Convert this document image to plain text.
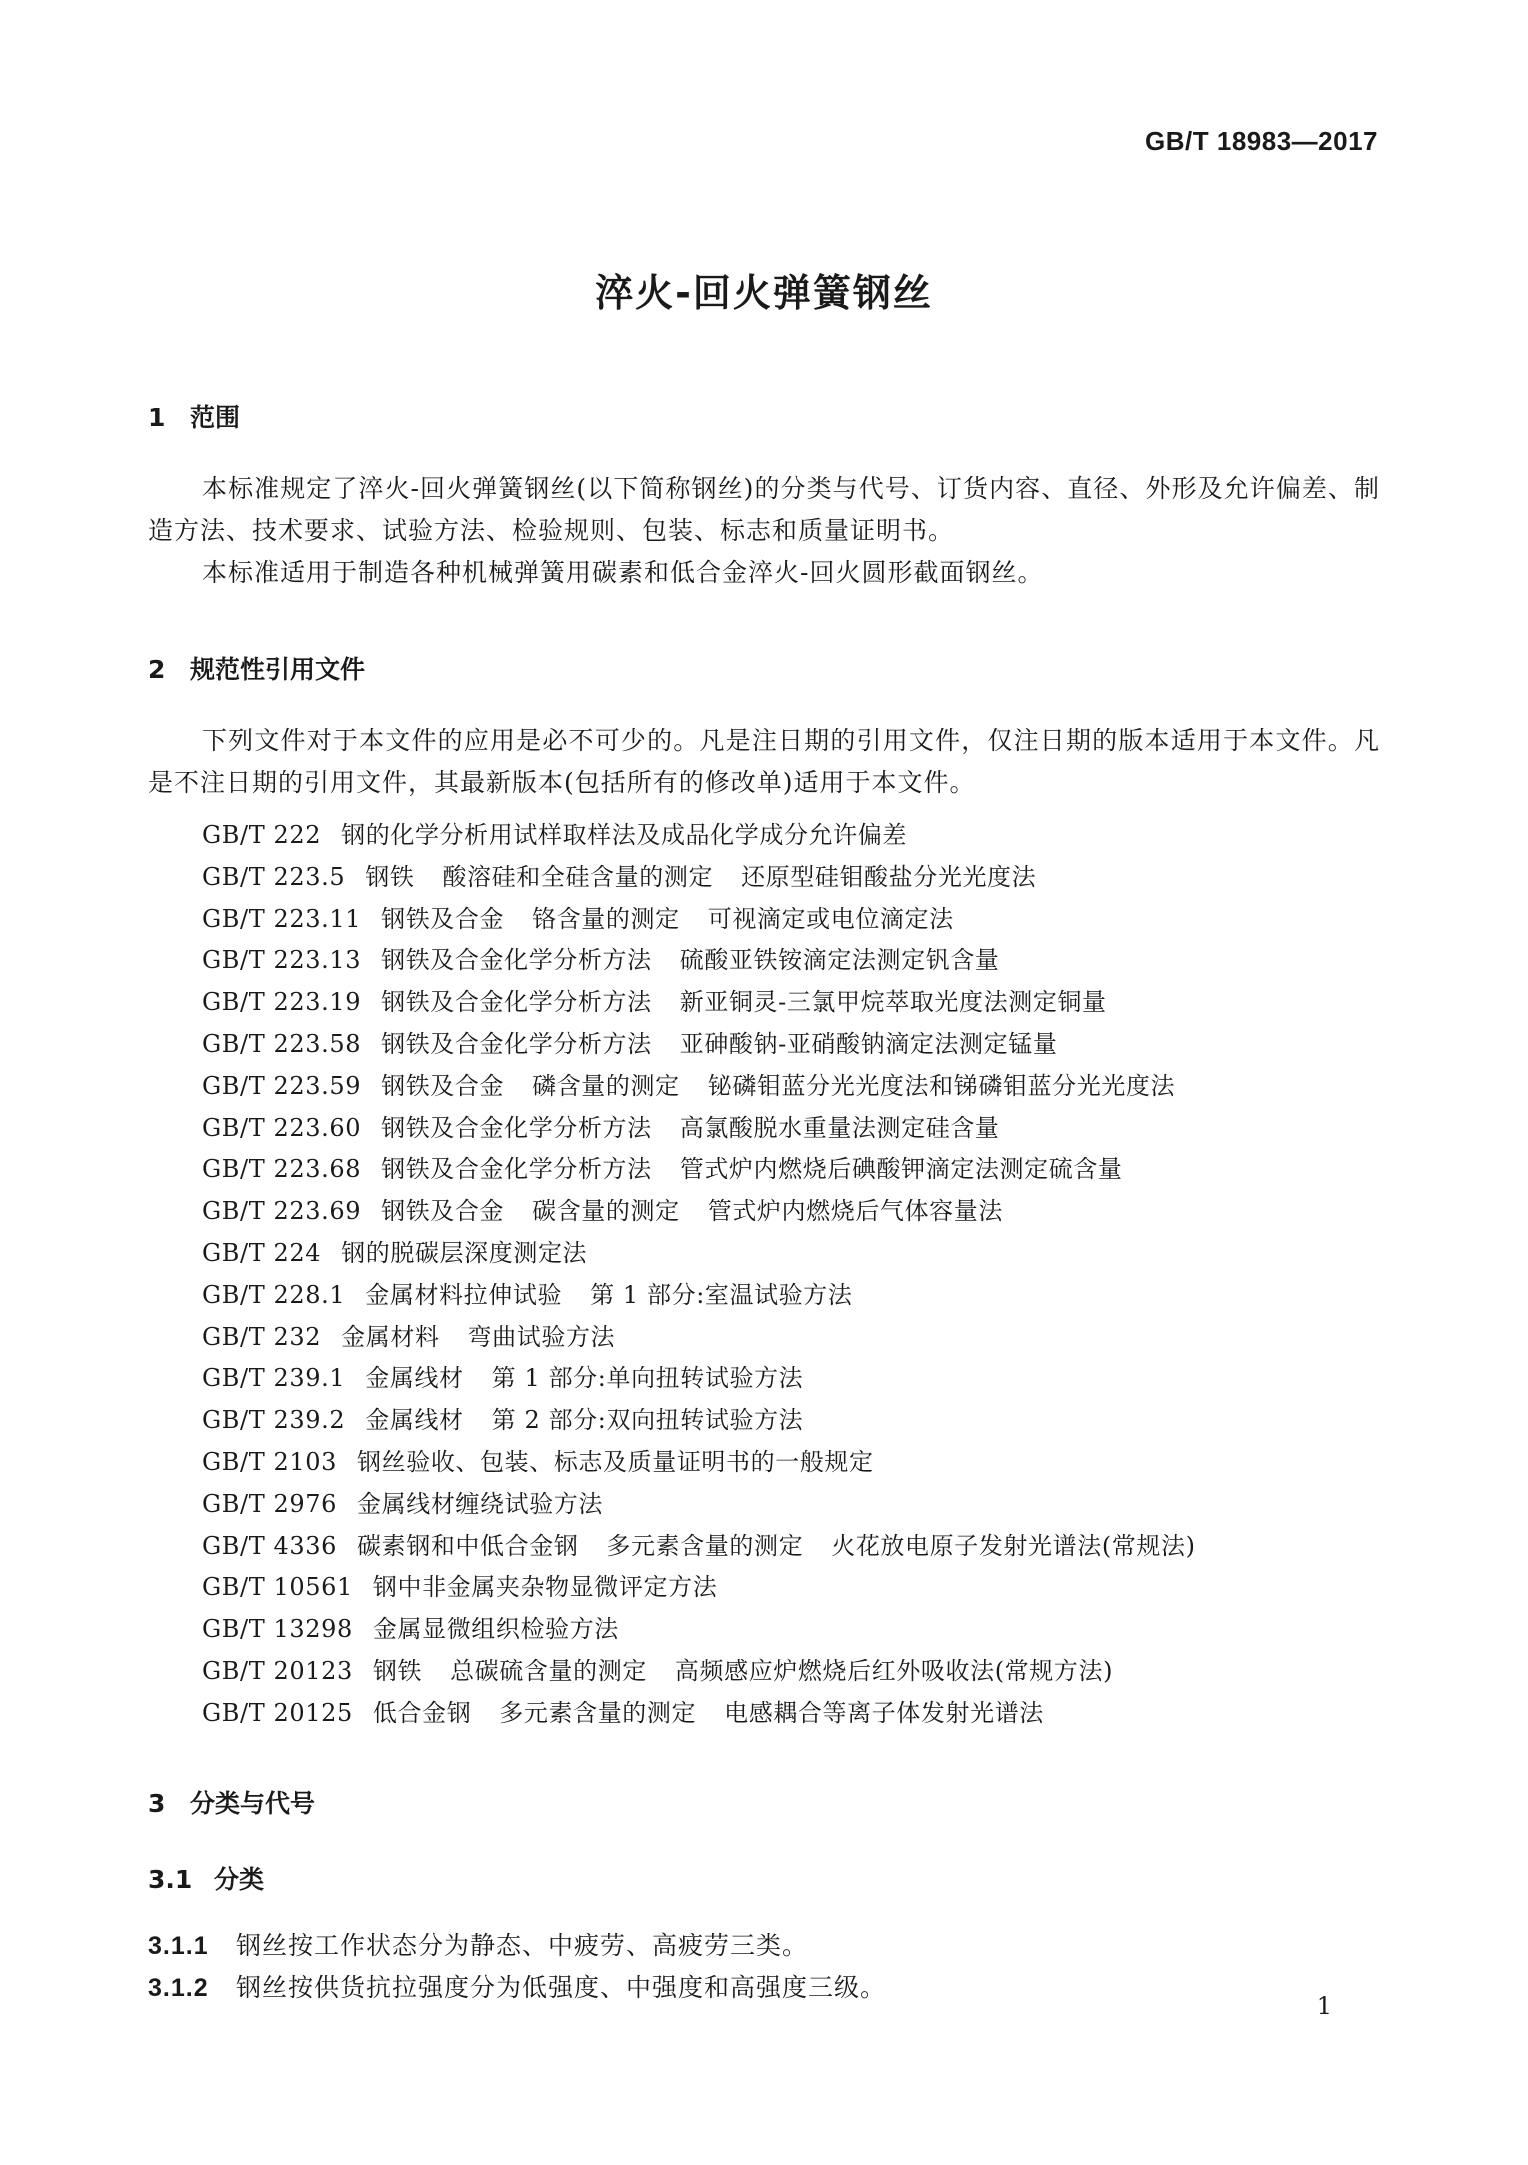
GB/T 18983—2017
淬火-回火弹簧钢丝
1 范围

本标准规定了淬火-回火弹簧钢丝(以下简称钢丝)的分类与代号、订货内容、直径、外形及允许偏差、制造方法、技术要求、试验方法、检验规则、包装、标志和质量证明书。

本标准适用于制造各种机械弹簧用碳素和低合金淬火-回火圆形截面钢丝。

2 规范性引用文件

下列文件对于本文件的应用是必不可少的。凡是注日期的引用文件，仅注日期的版本适用于本文件。凡是不注日期的引用文件，其最新版本(包括所有的修改单)适用于本文件。

GB/T 222 钢的化学分析用试样取样法及成品化学成分允许偏差
GB/T 223.5 钢铁 酸溶硅和全硅含量的测定 还原型硅钼酸盐分光光度法
GB/T 223.11 钢铁及合金 铬含量的测定 可视滴定或电位滴定法
GB/T 223.13 钢铁及合金化学分析方法 硫酸亚铁铵滴定法测定钒含量
GB/T 223.19 钢铁及合金化学分析方法 新亚铜灵-三氯甲烷萃取光度法测定铜量
GB/T 223.58 钢铁及合金化学分析方法 亚砷酸钠-亚硝酸钠滴定法测定锰量
GB/T 223.59 钢铁及合金 磷含量的测定 铋磷钼蓝分光光度法和锑磷钼蓝分光光度法
GB/T 223.60 钢铁及合金化学分析方法 高氯酸脱水重量法测定硅含量
GB/T 223.68 钢铁及合金化学分析方法 管式炉内燃烧后碘酸钾滴定法测定硫含量
GB/T 223.69 钢铁及合金 碳含量的测定 管式炉内燃烧后气体容量法
GB/T 224 钢的脱碳层深度测定法
GB/T 228.1 金属材料拉伸试验 第 1 部分:室温试验方法
GB/T 232 金属材料 弯曲试验方法
GB/T 239.1 金属线材 第 1 部分:单向扭转试验方法
GB/T 239.2 金属线材 第 2 部分:双向扭转试验方法
GB/T 2103 钢丝验收、包装、标志及质量证明书的一般规定
GB/T 2976 金属线材缠绕试验方法
GB/T 4336 碳素钢和中低合金钢 多元素含量的测定 火花放电原子发射光谱法(常规法)
GB/T 10561 钢中非金属夹杂物显微评定方法
GB/T 13298 金属显微组织检验方法
GB/T 20123 钢铁 总碳硫含量的测定 高频感应炉燃烧后红外吸收法(常规方法)
GB/T 20125 低合金钢 多元素含量的测定 电感耦合等离子体发射光谱法
3 分类与代号
3.1 分类
3.1.1 钢丝按工作状态分为静态、中疲劳、高疲劳三类。
3.1.2 钢丝按供货抗拉强度分为低强度、中强度和高强度三级。
1
